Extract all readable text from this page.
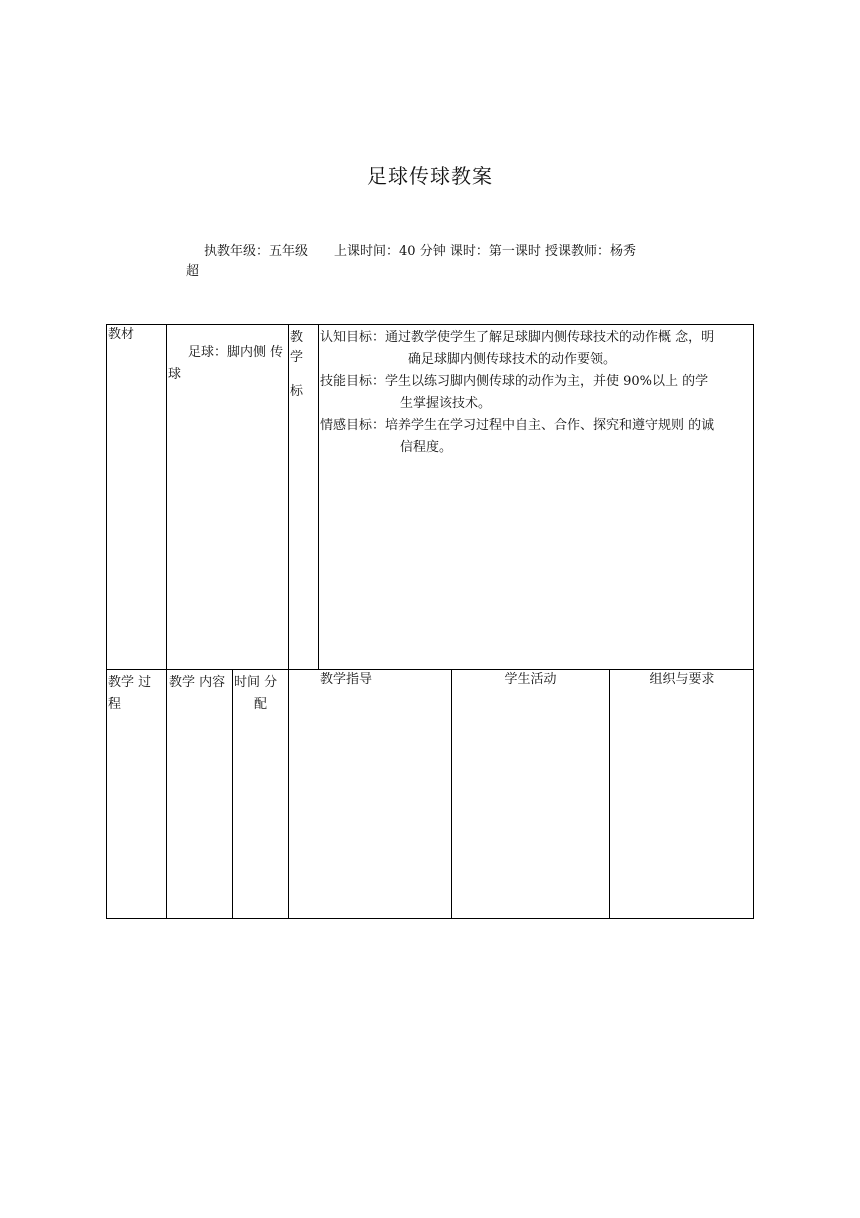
足球传球教案
执教年级：五年级 上课时间：40 分钟 课时：第一课时 授课教师：杨秀
超
教材
足球：脚内侧 传
球
教
学
标

认知目标：通过教学使学生了解足球脚内侧传球技术的动作概 念，明

确足球脚内侧传球技术的动作要领。

技能目标：学生以练习脚内侧传球的动作为主，并使 90%以上 的学

生掌握该技术。

情感目标：培养学生在学习过程中自主、合作、探究和遵守规则 的诚

信程度。

教学 过
程
教学 内容 时间 分
配
教学指导	学生活动	组织与要求
